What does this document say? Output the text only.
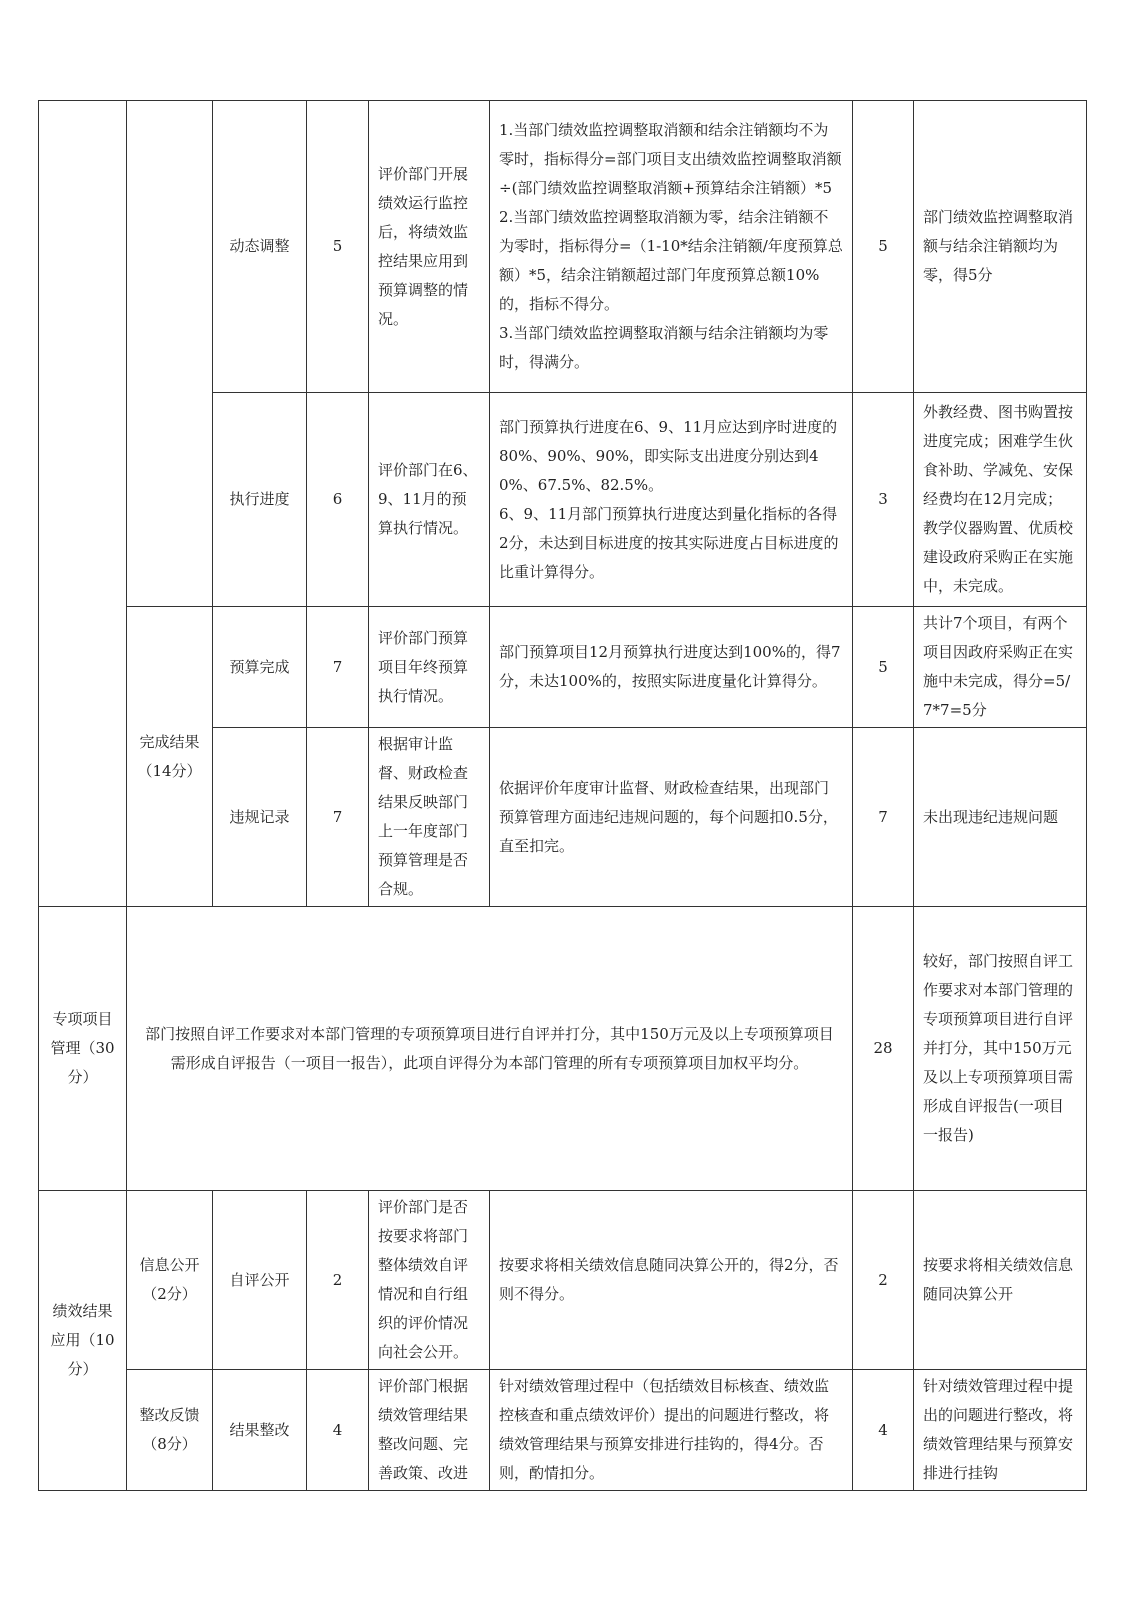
		动态调整	5	评价部门开展绩效运行监控后，将绩效监控结果应用到预算调整的情况。	1.当部门绩效监控调整取消额和结余注销额均不为零时，指标得分=部门项目支出绩效监控调整取消额÷(部门绩效监控调整取消额+预算结余注销额）*5
2.当部门绩效监控调整取消额为零，结余注销额不为零时，指标得分=（1-10*结余注销额/年度预算总额）*5，结余注销额超过部门年度预算总额10%的，指标不得分。
3.当部门绩效监控调整取消额与结余注销额均为零时，得满分。	5	部门绩效监控调整取消额与结余注销额均为零，得5分
		执行进度	6	评价部门在6、9、11月的预算执行情况。	部门预算执行进度在6、9、11月应达到序时进度的80%、90%、90%，即实际支出进度分别达到40%、67.5%、82.5%。
6、9、11月部门预算执行进度达到量化指标的各得2分，未达到目标进度的按其实际进度占目标进度的比重计算得分。	3	外教经费、图书购置按进度完成；困难学生伙食补助、学减免、安保经费均在12月完成；教学仪器购置、优质校建设政府采购正在实施中，未完成。
	完成结果（14分）	预算完成	7	评价部门预算项目年终预算执行情况。	部门预算项目12月预算执行进度达到100%的，得7分，未达100%的，按照实际进度量化计算得分。	5	共计7个项目，有两个项目因政府采购正在实施中未完成，得分=5/7*7=5分
		违规记录	7	根据审计监督、财政检查结果反映部门上一年度部门预算管理是否合规。	依据评价年度审计监督、财政检查结果，出现部门预算管理方面违纪违规问题的，每个问题扣0.5分，直至扣完。	7	未出现违纪违规问题
专项项目管理（30分）	部门按照自评工作要求对本部门管理的专项预算项目进行自评并打分，其中150万元及以上专项预算项目需形成自评报告（一项目一报告），此项自评得分为本部门管理的所有专项预算项目加权平均分。					28	较好，部门按照自评工作要求对本部门管理的专项预算项目进行自评并打分，其中150万元及以上专项预算项目需形成自评报告(一项目一报告)
绩效结果应用（10分）	信息公开（2分）	自评公开	2	评价部门是否按要求将部门整体绩效自评情况和自行组织的评价情况向社会公开。	按要求将相关绩效信息随同决算公开的，得2分，否则不得分。	2	按要求将相关绩效信息随同决算公开
	整改反馈（8分）	结果整改	4	评价部门根据绩效管理结果整改问题、完善政策、改进	针对绩效管理过程中（包括绩效目标核查、绩效监控核查和重点绩效评价）提出的问题进行整改，将绩效管理结果与预算安排进行挂钩的，得4分。否则，酌情扣分。	4	针对绩效管理过程中提出的问题进行整改，将绩效管理结果与预算安排进行挂钩
